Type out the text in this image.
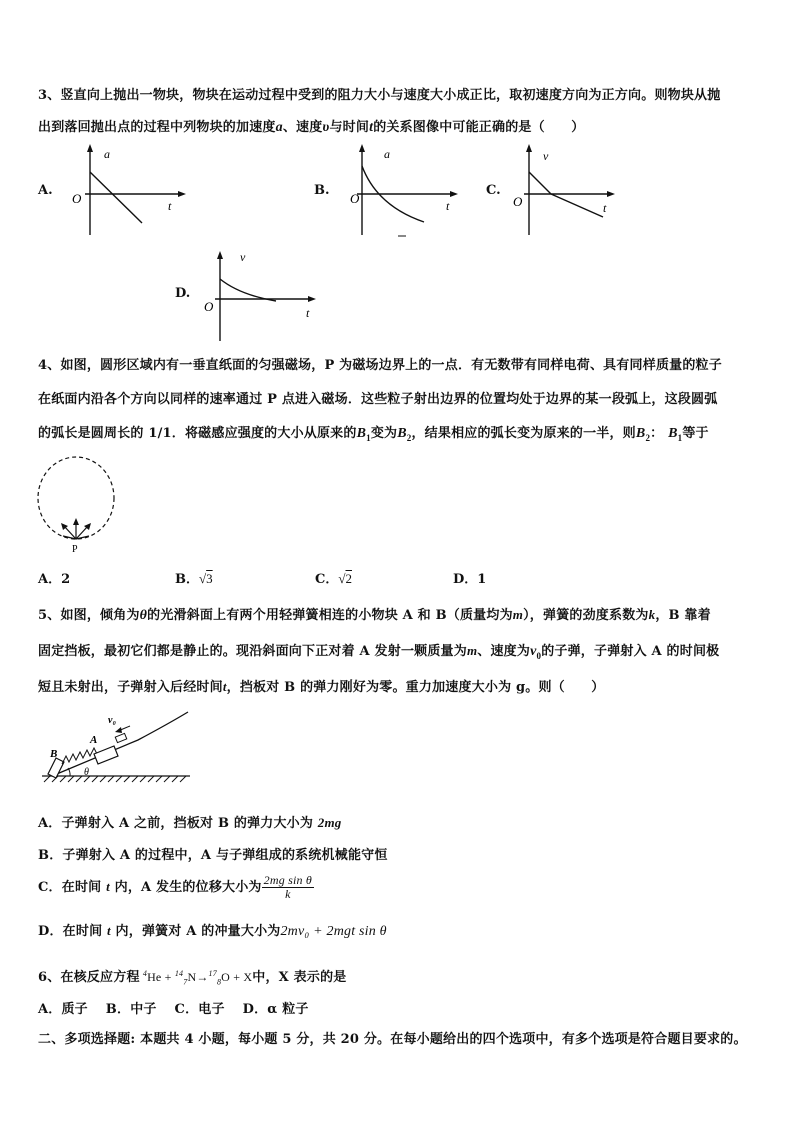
3、竖直向上抛出一物块，物块在运动过程中受到的阻力大小与速度大小成正比，取初速度方向为正方向。则物块从抛
出到落回抛出点的过程中列物块的加速度a、速度υ与时间t的关系图像中可能正确的是（　　）
A.
a
O	t
B.
a
O	t
C.
v
O	t
D.
v
O	t
4、如图，圆形区域内有一垂直纸面的匀强磁场，P 为磁场边界上的一点．有无数带有同样电荷、具有同样质量的粒子
在纸面内沿各个方向以同样的速率通过 P 点进入磁场．这些粒子射出边界的位置均处于边界的某一段弧上，这段圆弧
的弧长是圆周长的 1/1．将磁感应强度的大小从原来的$B_1$变为$B_2$，结果相应的弧长变为原来的一半，则$B_2$： $B_1$等于
P
A．2	B．√3	C．√2	D．1
5、如图，倾角为θ的光滑斜面上有两个用轻弹簧相连的小物块 A 和 B（质量均为m），弹簧的劲度系数为k，B 靠着
固定挡板，最初它们都是静止的。现沿斜面向下正对着 A 发射一颗质量为m、速度为$v_0$的子弹，子弹射入 A 的时间极
短且未射出，子弹射入后经时间t，挡板对 B 的弹力刚好为零。重力加速度大小为 g。则（　　）
v₀
A
B
θ
A．子弹射入 A 之前，挡板对 B 的弹力大小为 2mg
B．子弹射入 A 的过程中，A 与子弹组成的系统机械能守恒
C．在时间 t 内，A 发生的位移大小为 $\frac{\text{2mg sin θ}}{k}$
D．在时间 t 内，弹簧对 A 的冲量大小为2mv₀ + 2mgt sin θ
6、在核反应方程 $^4$He + $^{14}_7$N→$^{17}_8$O + X中，X 表示的是
A．质子　 B．中子　 C．电子　 D．α 粒子
二、多项选择题: 本题共 4 小题，每小题 5 分，共 20 分。在每小题给出的四个选项中，有多个选项是符合题目要求的。
